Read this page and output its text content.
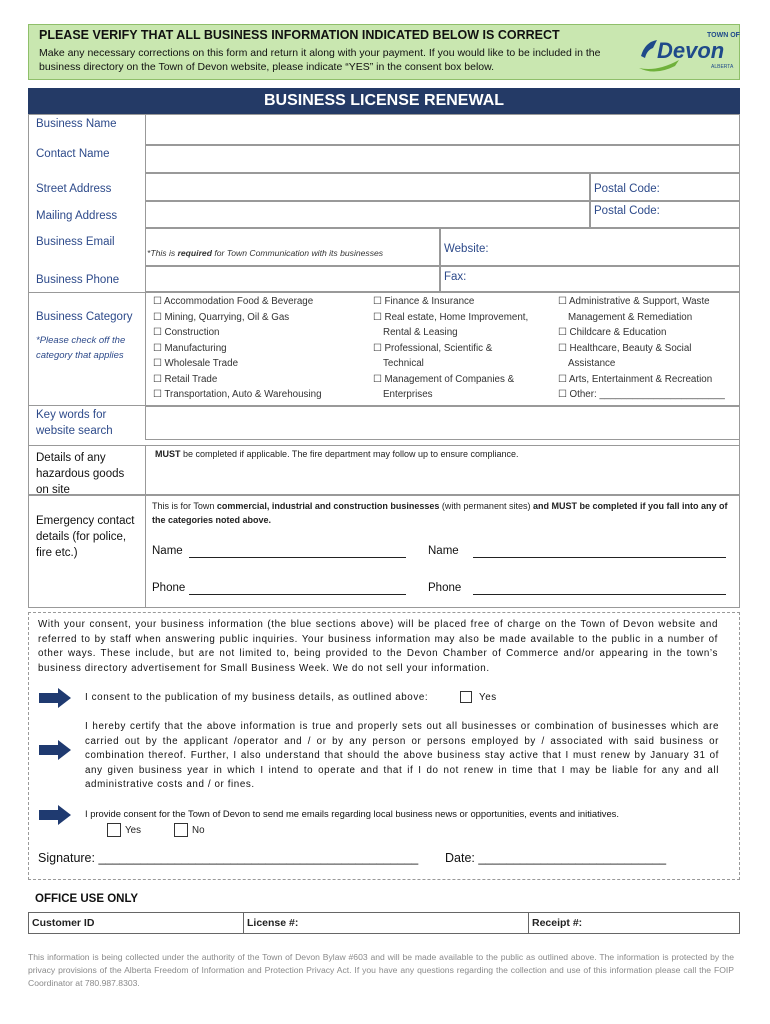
PLEASE VERIFY THAT ALL BUSINESS INFORMATION INDICATED BELOW IS CORRECT
Make any necessary corrections on this form and return it along with your payment. If you would like to be included in the business directory on the Town of Devon website, please indicate “YES” in the consent box below.
TOWN OF
Devon
ALBERTA
BUSINESS LICENSE RENEWAL
Business Name
Contact Name
Street Address	Postal Code:
Mailing Address	Postal Code:
Business Email
*This is required for Town Communication with its businesses	Website:
Business Phone	Fax:
Business Category
*Please check off the category that applies
☐ Accommodation Food & Beverage
☐ Mining, Quarrying, Oil & Gas
☐ Construction
☐ Manufacturing
☐ Wholesale Trade
☐ Retail Trade
☐ Transportation, Auto & Warehousing
☐ Finance & Insurance
☐ Real estate, Home Improvement,
Rental & Leasing
☐ Professional, Scientific &
Technical
☐ Management of Companies &
Enterprises
☐ Administrative & Support, Waste
Management & Remediation
☐ Childcare & Education
☐ Healthcare, Beauty & Social
Assistance
☐ Arts, Entertainment & Recreation
☐ Other: _______________________
Key words for website search
Details of any hazardous goods on site
MUST be completed if applicable. The fire department may follow up to ensure compliance.
Emergency contact details (for police, fire etc.)
This is for Town commercial, industrial and construction businesses (with permanent sites) and MUST be completed if you fall into any of the categories noted above.
Name	Name
Phone	Phone
With your consent, your business information (the blue sections above) will be placed free of charge on the Town of Devon website and referred to by staff when answering public inquiries. Your business information may also be made available to the public in a number of other ways. These include, but are not limited to, being provided to the Devon Chamber of Commerce and/or appearing in the town’s business directory advertisement for Small Business Week. We do not sell your information.
I consent to the publication of my business details, as outlined above:	Yes
I hereby certify that the above information is true and properly sets out all businesses or combination of businesses which are carried out by the applicant /operator and / or by any person or persons employed by / associated with said business or combination thereof. Further, I also understand that should the above business stay active that I must renew by January 31 of any given business year in which I intend to operate and that if I do not renew in time that I may be liable for any and all administrative costs and / or fines.
I provide consent for the Town of Devon to send me emails regarding local business news or opportunities, events and initiatives.
Yes	No
Signature: ______________________________________________ Date: ___________________________
OFFICE USE ONLY
Customer ID	License #:	Receipt #:
This information is being collected under the authority of the Town of Devon Bylaw #603 and will be made available to the public as outlined above. The information is protected by the privacy provisions of the Alberta Freedom of Information and Protection Privacy Act. If you have any questions regarding the collection and use of this information please call the FOIP Coordinator at 780.987.8303.
